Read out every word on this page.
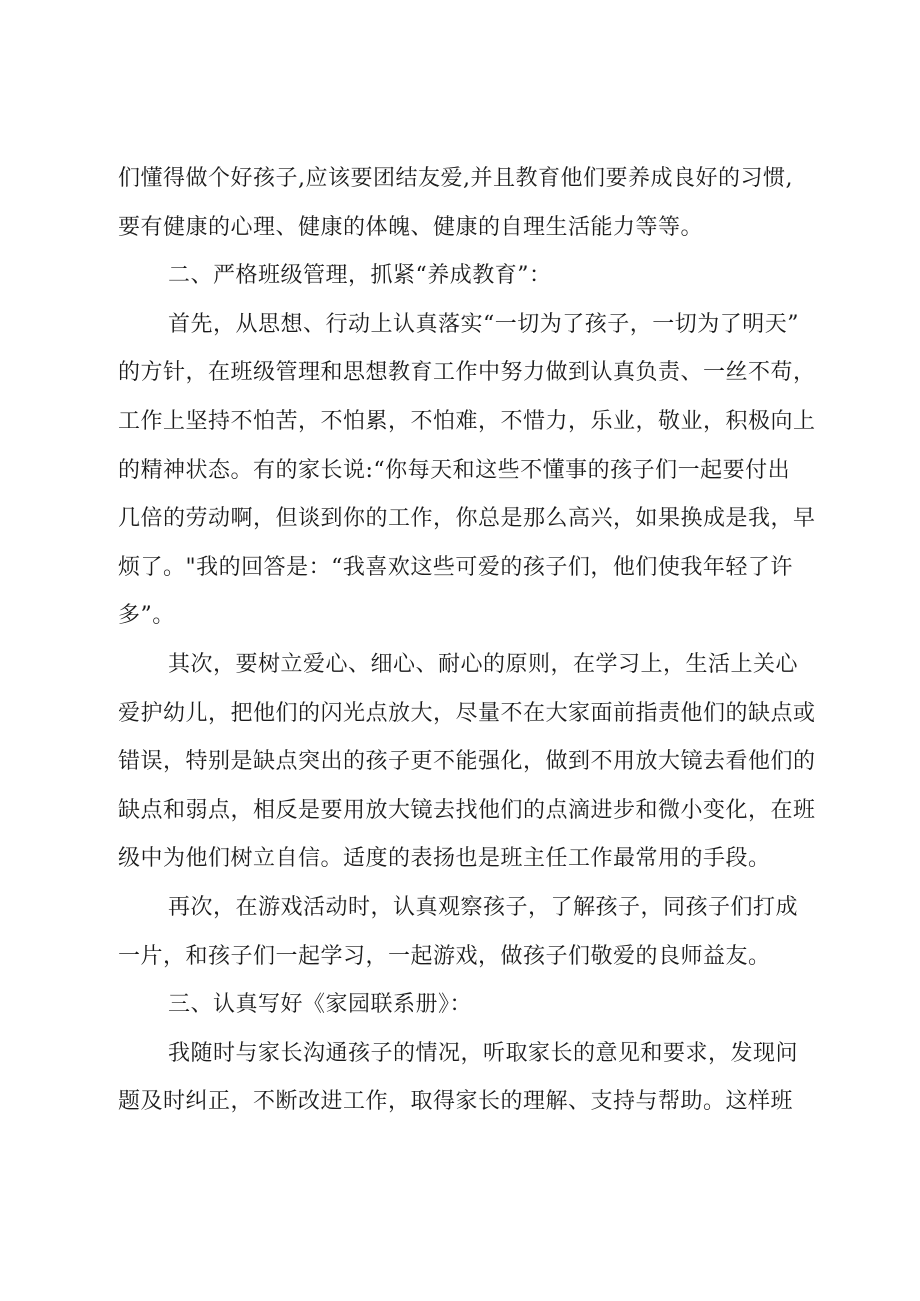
们懂得做个好孩子,应该要团结友爱,并且教育他们要养成良好的习惯,
要有健康的心理、健康的体魄、健康的自理生活能力等等。
二、严格班级管理，抓紧“养成教育”：
首先，从思想、行动上认真落实“一切为了孩子，一切为了明天”
的方针，在班级管理和思想教育工作中努力做到认真负责、一丝不苟，
工作上坚持不怕苦，不怕累，不怕难，不惜力，乐业，敬业，积极向上
的精神状态。有的家长说:“你每天和这些不懂事的孩子们一起要付出
几倍的劳动啊，但谈到你的工作，你总是那么高兴，如果换成是我，早
烦了。"我的回答是：“我喜欢这些可爱的孩子们，他们使我年轻了许
多”。
其次，要树立爱心、细心、耐心的原则，在学习上，生活上关心
爱护幼儿，把他们的闪光点放大，尽量不在大家面前指责他们的缺点或
错误，特别是缺点突出的孩子更不能强化，做到不用放大镜去看他们的
缺点和弱点，相反是要用放大镜去找他们的点滴进步和微小变化，在班
级中为他们树立自信。适度的表扬也是班主任工作最常用的手段。
再次，在游戏活动时，认真观察孩子，了解孩子，同孩子们打成
一片，和孩子们一起学习，一起游戏，做孩子们敬爱的良师益友。
三、认真写好《家园联系册》：
我随时与家长沟通孩子的情况，听取家长的意见和要求，发现问
题及时纠正，不断改进工作，取得家长的理解、支持与帮助。这样班
